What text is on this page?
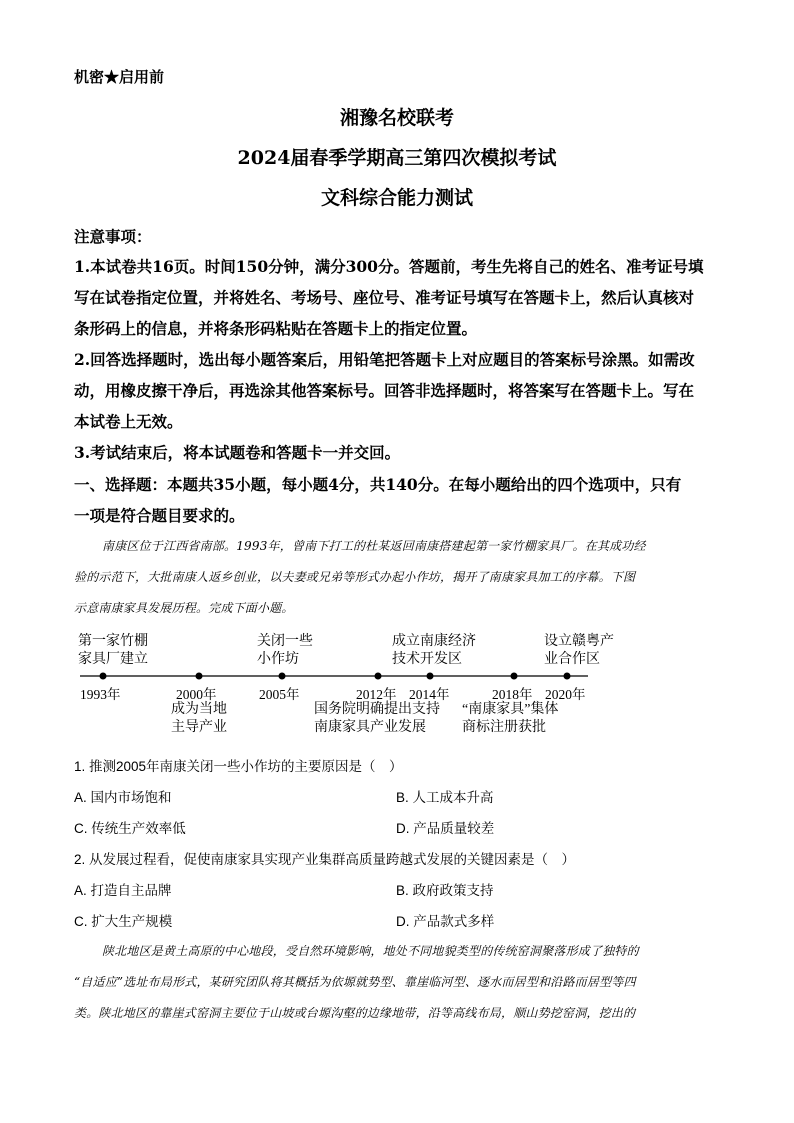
机密★启用前
湘豫名校联考
2024届春季学期高三第四次模拟考试
文科综合能力测试
注意事项：
1.本试卷共16页。时间150分钟，满分300分。答题前，考生先将自己的姓名、准考证号填
写在试卷指定位置，并将姓名、考场号、座位号、准考证号填写在答题卡上，然后认真核对
条形码上的信息，并将条形码粘贴在答题卡上的指定位置。
2.回答选择题时，选出每小题答案后，用铅笔把答题卡上对应题目的答案标号涂黑。如需改
动，用橡皮擦干净后，再选涂其他答案标号。回答非选择题时，将答案写在答题卡上。写在
本试卷上无效。
3.考试结束后，将本试题卷和答题卡一并交回。
一、选择题：本题共35小题，每小题4分，共140分。在每小题给出的四个选项中，只有
一项是符合题目要求的。
南康区位于江西省南部。1993年，曾南下打工的杜某返回南康搭建起第一家竹棚家具厂。在其成功经
验的示范下，大批南康人返乡创业，以夫妻或兄弟等形式办起小作坊，揭开了南康家具加工的序幕。下图
示意南康家具发展历程。完成下面小题。
第一家竹棚
家具厂建立
关闭一些
小作坊
成立南康经济
技术开发区
设立赣粤产
业合作区
1993年	2000年	2005年	2012年 2014年	2018年 2020年
成为当地
主导产业
国务院明确提出支持
南康家具产业发展
“南康家具”集体
商标注册获批
1. 推测2005年南康关闭一些小作坊的主要原因是（　）
A. 国内市场饱和	B. 人工成本升高
C. 传统生产效率低	D. 产品质量较差
2. 从发展过程看，促使南康家具实现产业集群高质量跨越式发展的关键因素是（　）
A. 打造自主品牌	B. 政府政策支持
C. 扩大生产规模	D. 产品款式多样
陕北地区是黄土高原的中心地段，受自然环境影响，地处不同地貌类型的传统窑洞聚落形成了独特的
“自适应”选址布局形式，某研究团队将其概括为依塬就势型、靠崖临河型、逐水而居型和沿路而居型等四
类。陕北地区的靠崖式窑洞主要位于山坡或台塬沟壑的边缘地带，沿等高线布局，顺山势挖窑洞，挖出的
